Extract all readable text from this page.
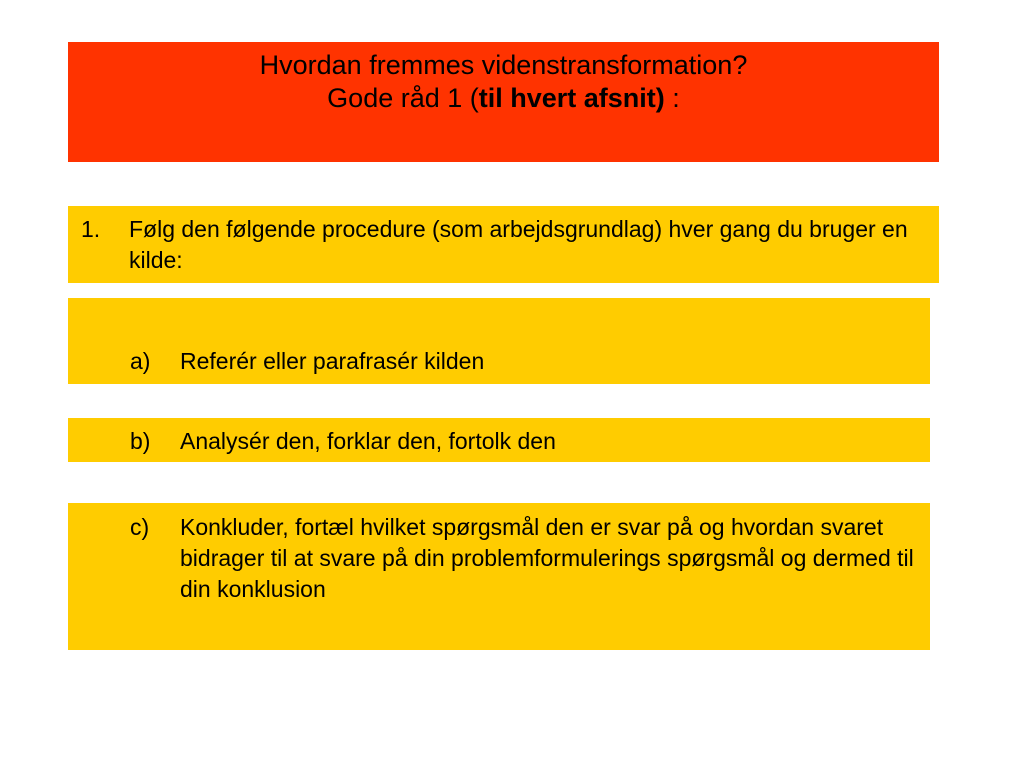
Hvordan fremmes videnstransformation?
Gode råd 1 (til hvert afsnit) :
1.	Følg den følgende procedure (som arbejdsgrundlag) hver gang du bruger en kilde:
a)	Referér eller parafrasér kilden
b)	Analysér den, forklar den, fortolk den
c)	Konkluder, fortæl hvilket spørgsmål den er svar på og hvordan svaret bidrager til at svare på din problemformulerings spørgsmål og dermed til din konklusion
